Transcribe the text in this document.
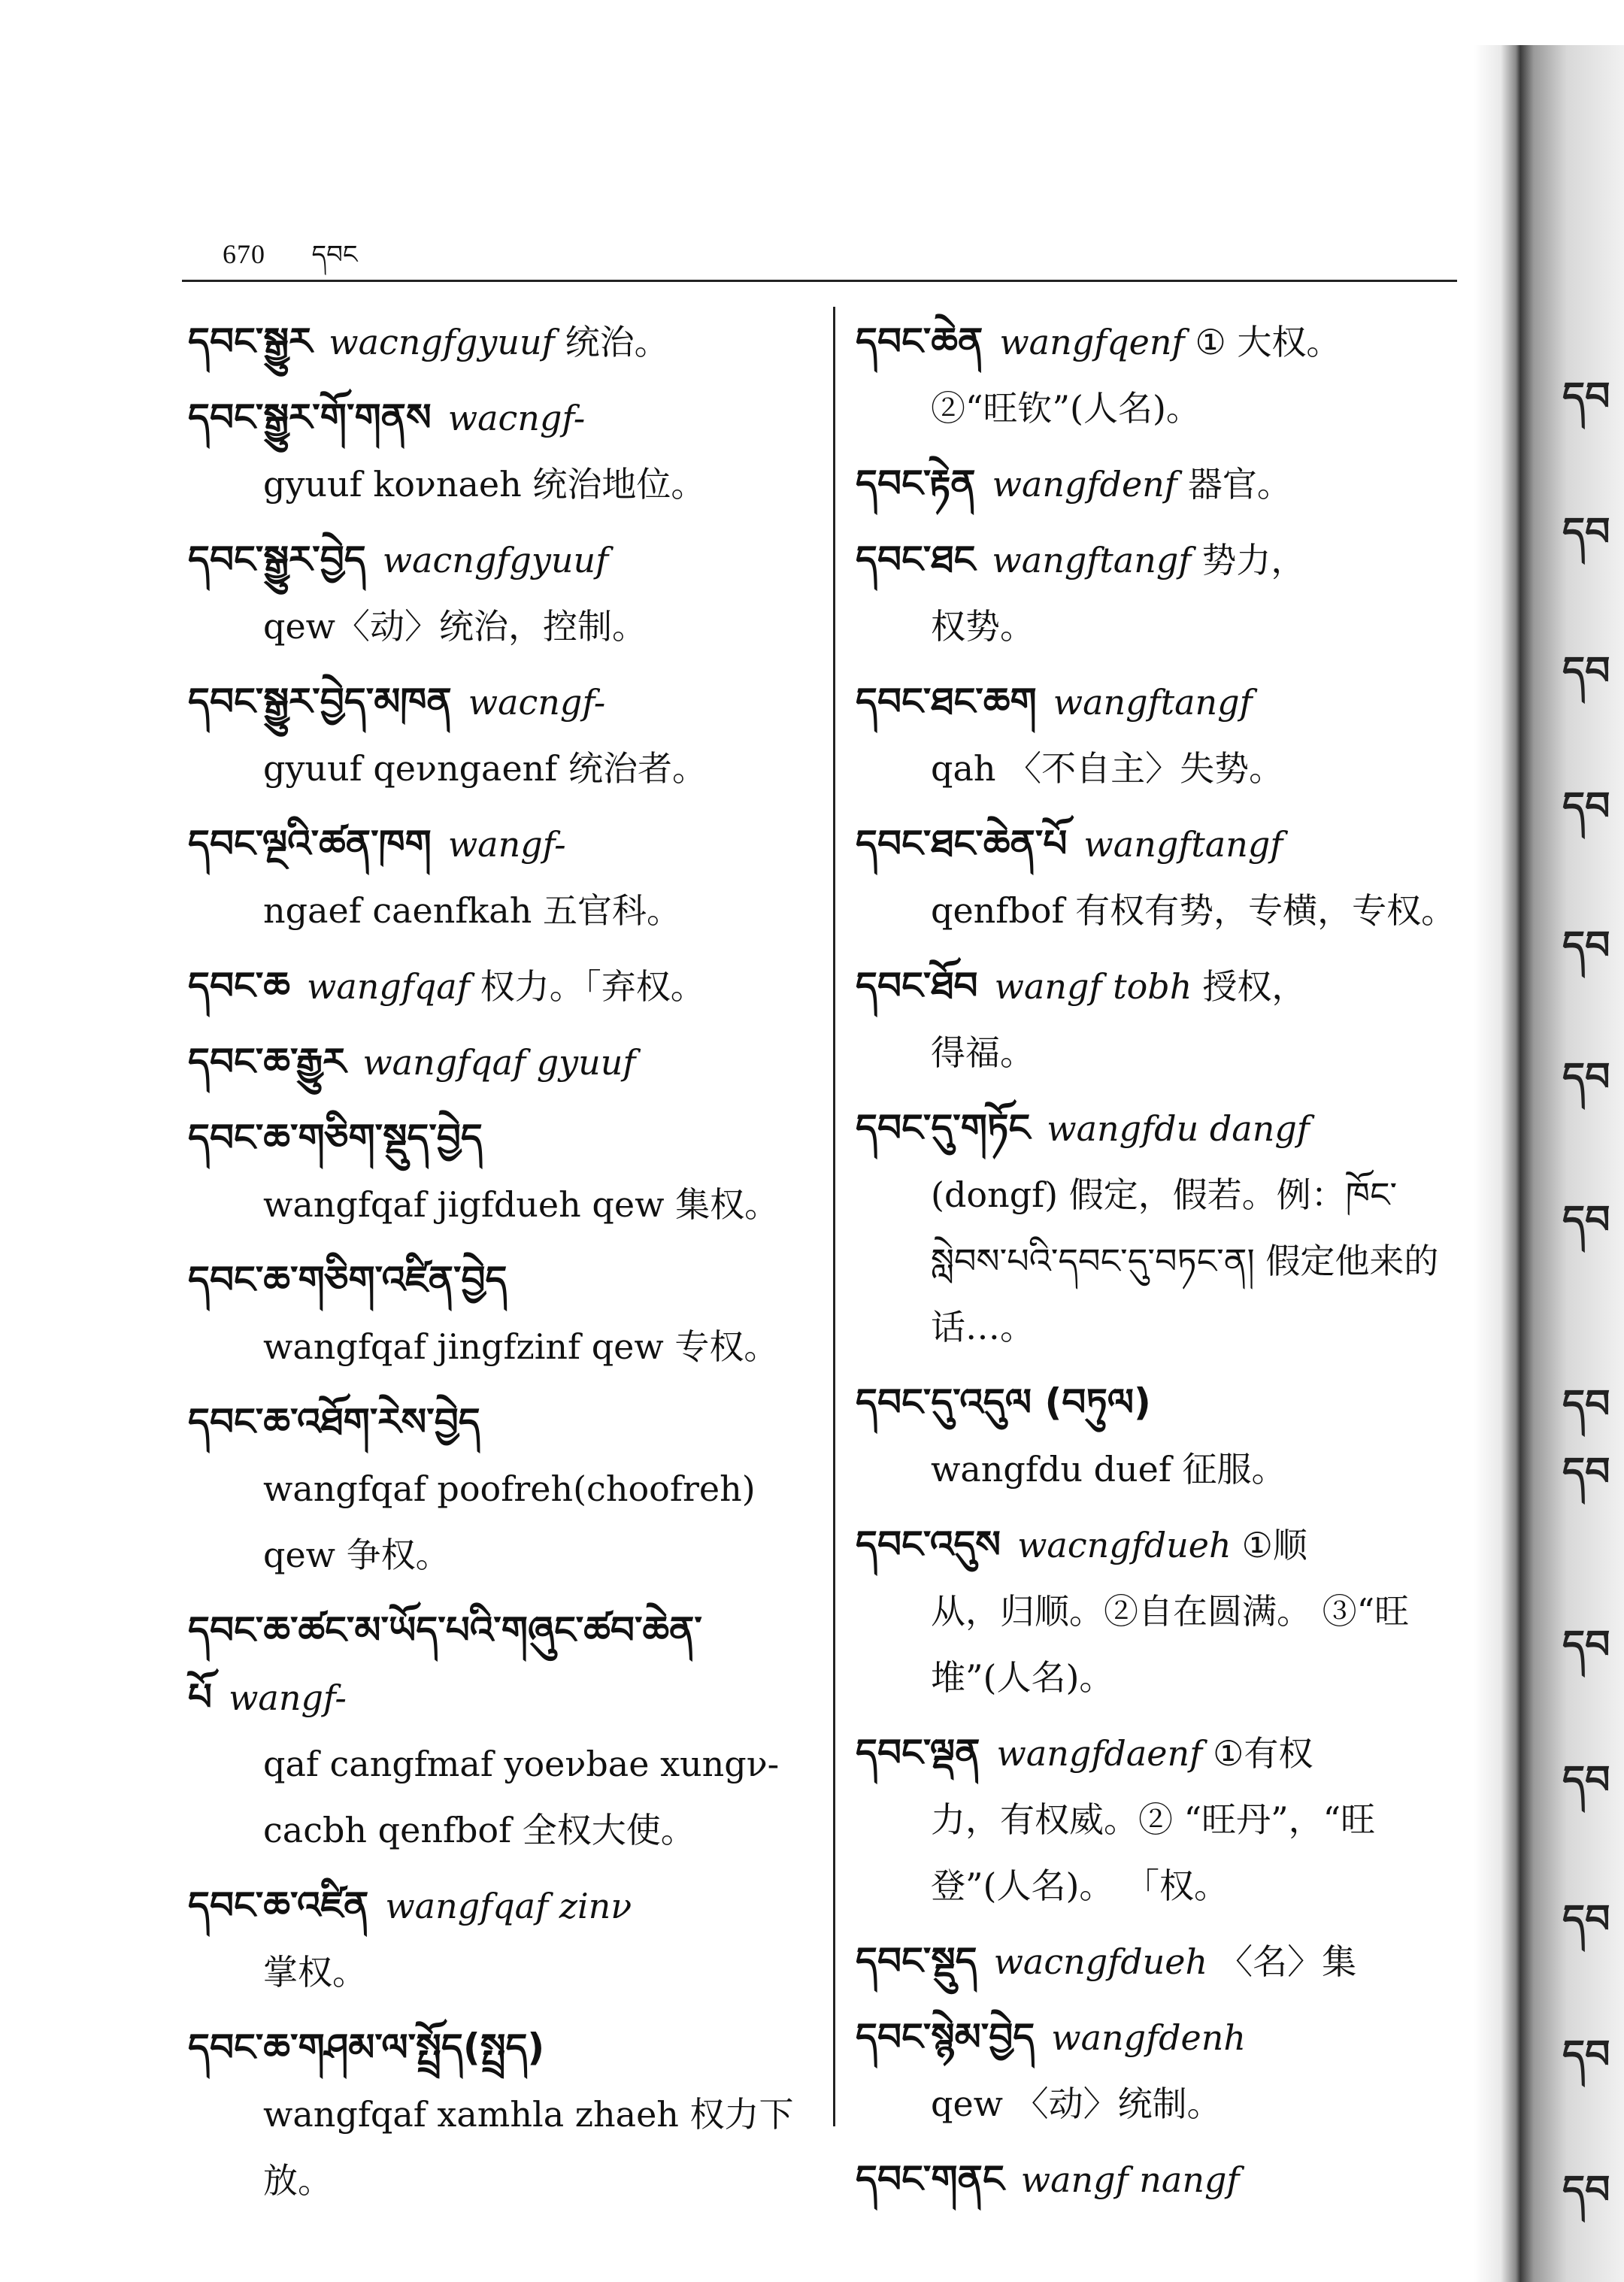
670 དབང
དབང་སྒྱུར wacngfgyuuf 统治。
དབང་སྒྱུར་གོ་གནས wacngf-
gyuuf koνnaeh 统治地位。
དབང་སྒྱུར་བྱེད wacngfgyuuf
qew〈动〉统治，控制。
དབང་སྒྱུར་བྱེད་མཁན wacngf-
gyuuf qeνngaenf 统治者。
དབང་ལྔའི་ཚན་ཁག wangf-
ngaef caenfkah 五官科。
དབང་ཆ wangfqaf 权力。「弃权。
དབང་ཆ་རྒྱུར wangfqaf gyuuf
དབང་ཆ་གཅིག་སྡུད་བྱེད
wangfqaf jigfdueh qew 集权。
དབང་ཆ་གཅིག་འཛིན་བྱེད
wangfqaf jingfzinf qew 专权。
དབང་ཆ་འཐོག་རེས་བྱེད
wangfqaf poofreh(choofreh) qew 争权。
དབང་ཆ་ཚང་མ་ཡོད་པའི་གཞུང་ཚབ་ཆེན་པོ wangf-
qaf cangfmaf yoeνbae xungν-cacbh qenfbof 全权大使。
དབང་ཆ་འཛིན wangfqaf zinν
掌权。
དབང་ཆ་གཤམ་ལ་སྤྲོད(སྤྲད)
wangfqaf xamhla zhaeh 权力下放。
དབང་ཆེན wangfqenf ① 大权。
②“旺钦”(人名)。
དབང་རྟེན wangfdenf 器官。
དབང་ཐང wangftangf 势力，
权势。
དབང་ཐང་ཆག wangftangf
qah 〈不自主〉失势。
དབང་ཐང་ཆེན་པོ wangftangf
qenfbof 有权有势，专横，专权。
དབང་ཐོབ wangf tobh 授权，
得福。
དབང་དུ་གཏོང wangfdu dangf
(dongf) 假定，假若。例：ཁོང་སླེབས་པའི་དབང་དུ་བཏང་ན། 假定他来的话…。
དབང་དུ་འདུལ (བཏུལ)
wangfdu duef 征服。
དབང་འདུས wacngfdueh ①顺
从，归顺。②自在圆满。 ③“旺堆”(人名)。
དབང་ལྡན wangfdaenf ①有权
力，有权威。② “旺丹”，“旺登”(人名)。 「权。
དབང་སྡུད wacngfdueh 〈名〉集
དབང་སྙེམ་བྱེད wangfdenh
qew 〈动〉统制。
དབང་གནང wangf nangf
དབ
དབ
དབ
དབ
དབ
དབ
དབ
དབ
དབ
དབ
དབ
དབ
དབ
དབ
